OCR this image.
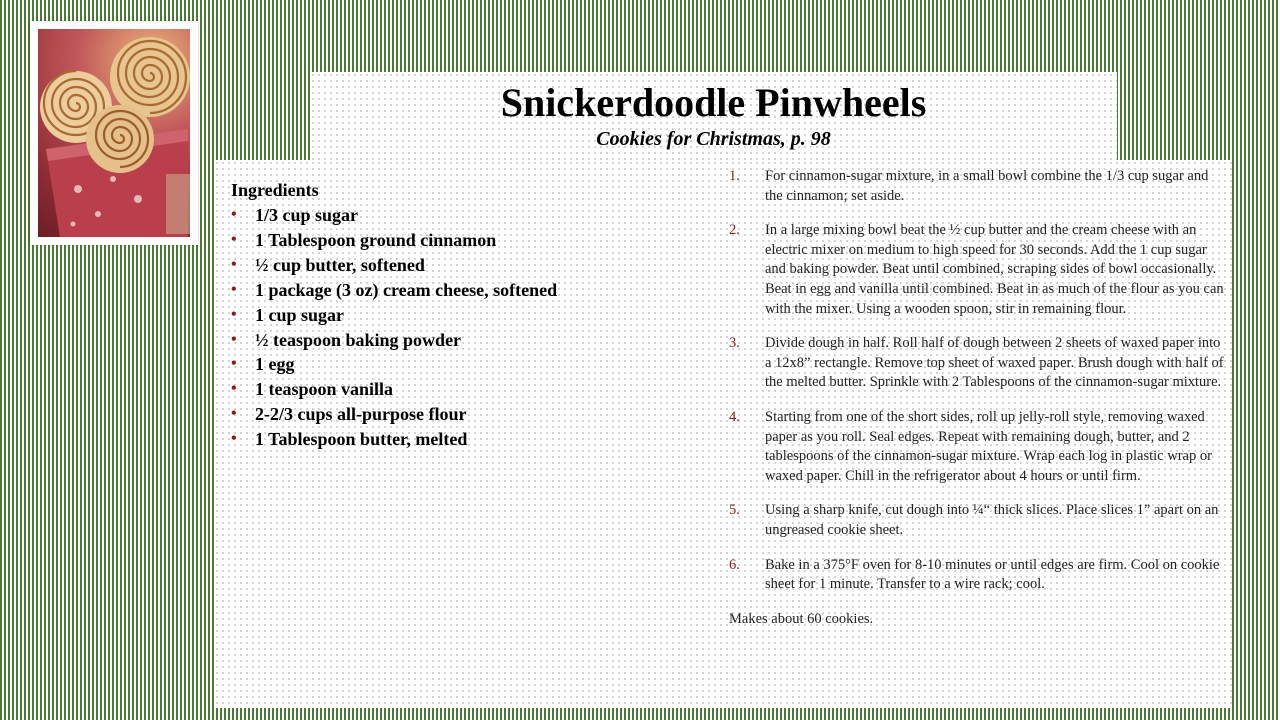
Snickerdoodle Pinwheels
Cookies for Christmas, p. 98
Ingredients
• 1/3 cup sugar
• 1 Tablespoon ground cinnamon
• ½ cup butter, softened
• 1 package (3 oz) cream cheese, softened
• 1 cup sugar
• ½ teaspoon baking powder
• 1 egg
• 1 teaspoon vanilla
• 2-2/3 cups all-purpose flour
• 1 Tablespoon butter, melted
1. For cinnamon-sugar mixture, in a small bowl combine the 1/3 cup sugar and the cinnamon; set aside.
2. In a large mixing bowl beat the ½ cup butter and the cream cheese with an electric mixer on medium to high speed for 30 seconds. Add the 1 cup sugar and baking powder. Beat until combined, scraping sides of bowl occasionally. Beat in egg and vanilla until combined. Beat in as much of the flour as you can with the mixer. Using a wooden spoon, stir in remaining flour.
3. Divide dough in half. Roll half of dough between 2 sheets of waxed paper into a 12x8” rectangle. Remove top sheet of waxed paper. Brush dough with half of the melted butter. Sprinkle with 2 Tablespoons of the cinnamon-sugar mixture.
4. Starting from one of the short sides, roll up jelly-roll style, removing waxed paper as you roll. Seal edges. Repeat with remaining dough, butter, and 2 tablespoons of the cinnamon-sugar mixture. Wrap each log in plastic wrap or waxed paper. Chill in the refrigerator about 4 hours or until firm.
5. Using a sharp knife, cut dough into ¼“ thick slices. Place slices 1” apart on an ungreased cookie sheet.
6. Bake in a 375°F oven for 8-10 minutes or until edges are firm. Cool on cookie sheet for 1 minute. Transfer to a wire rack; cool.
Makes about 60 cookies.
